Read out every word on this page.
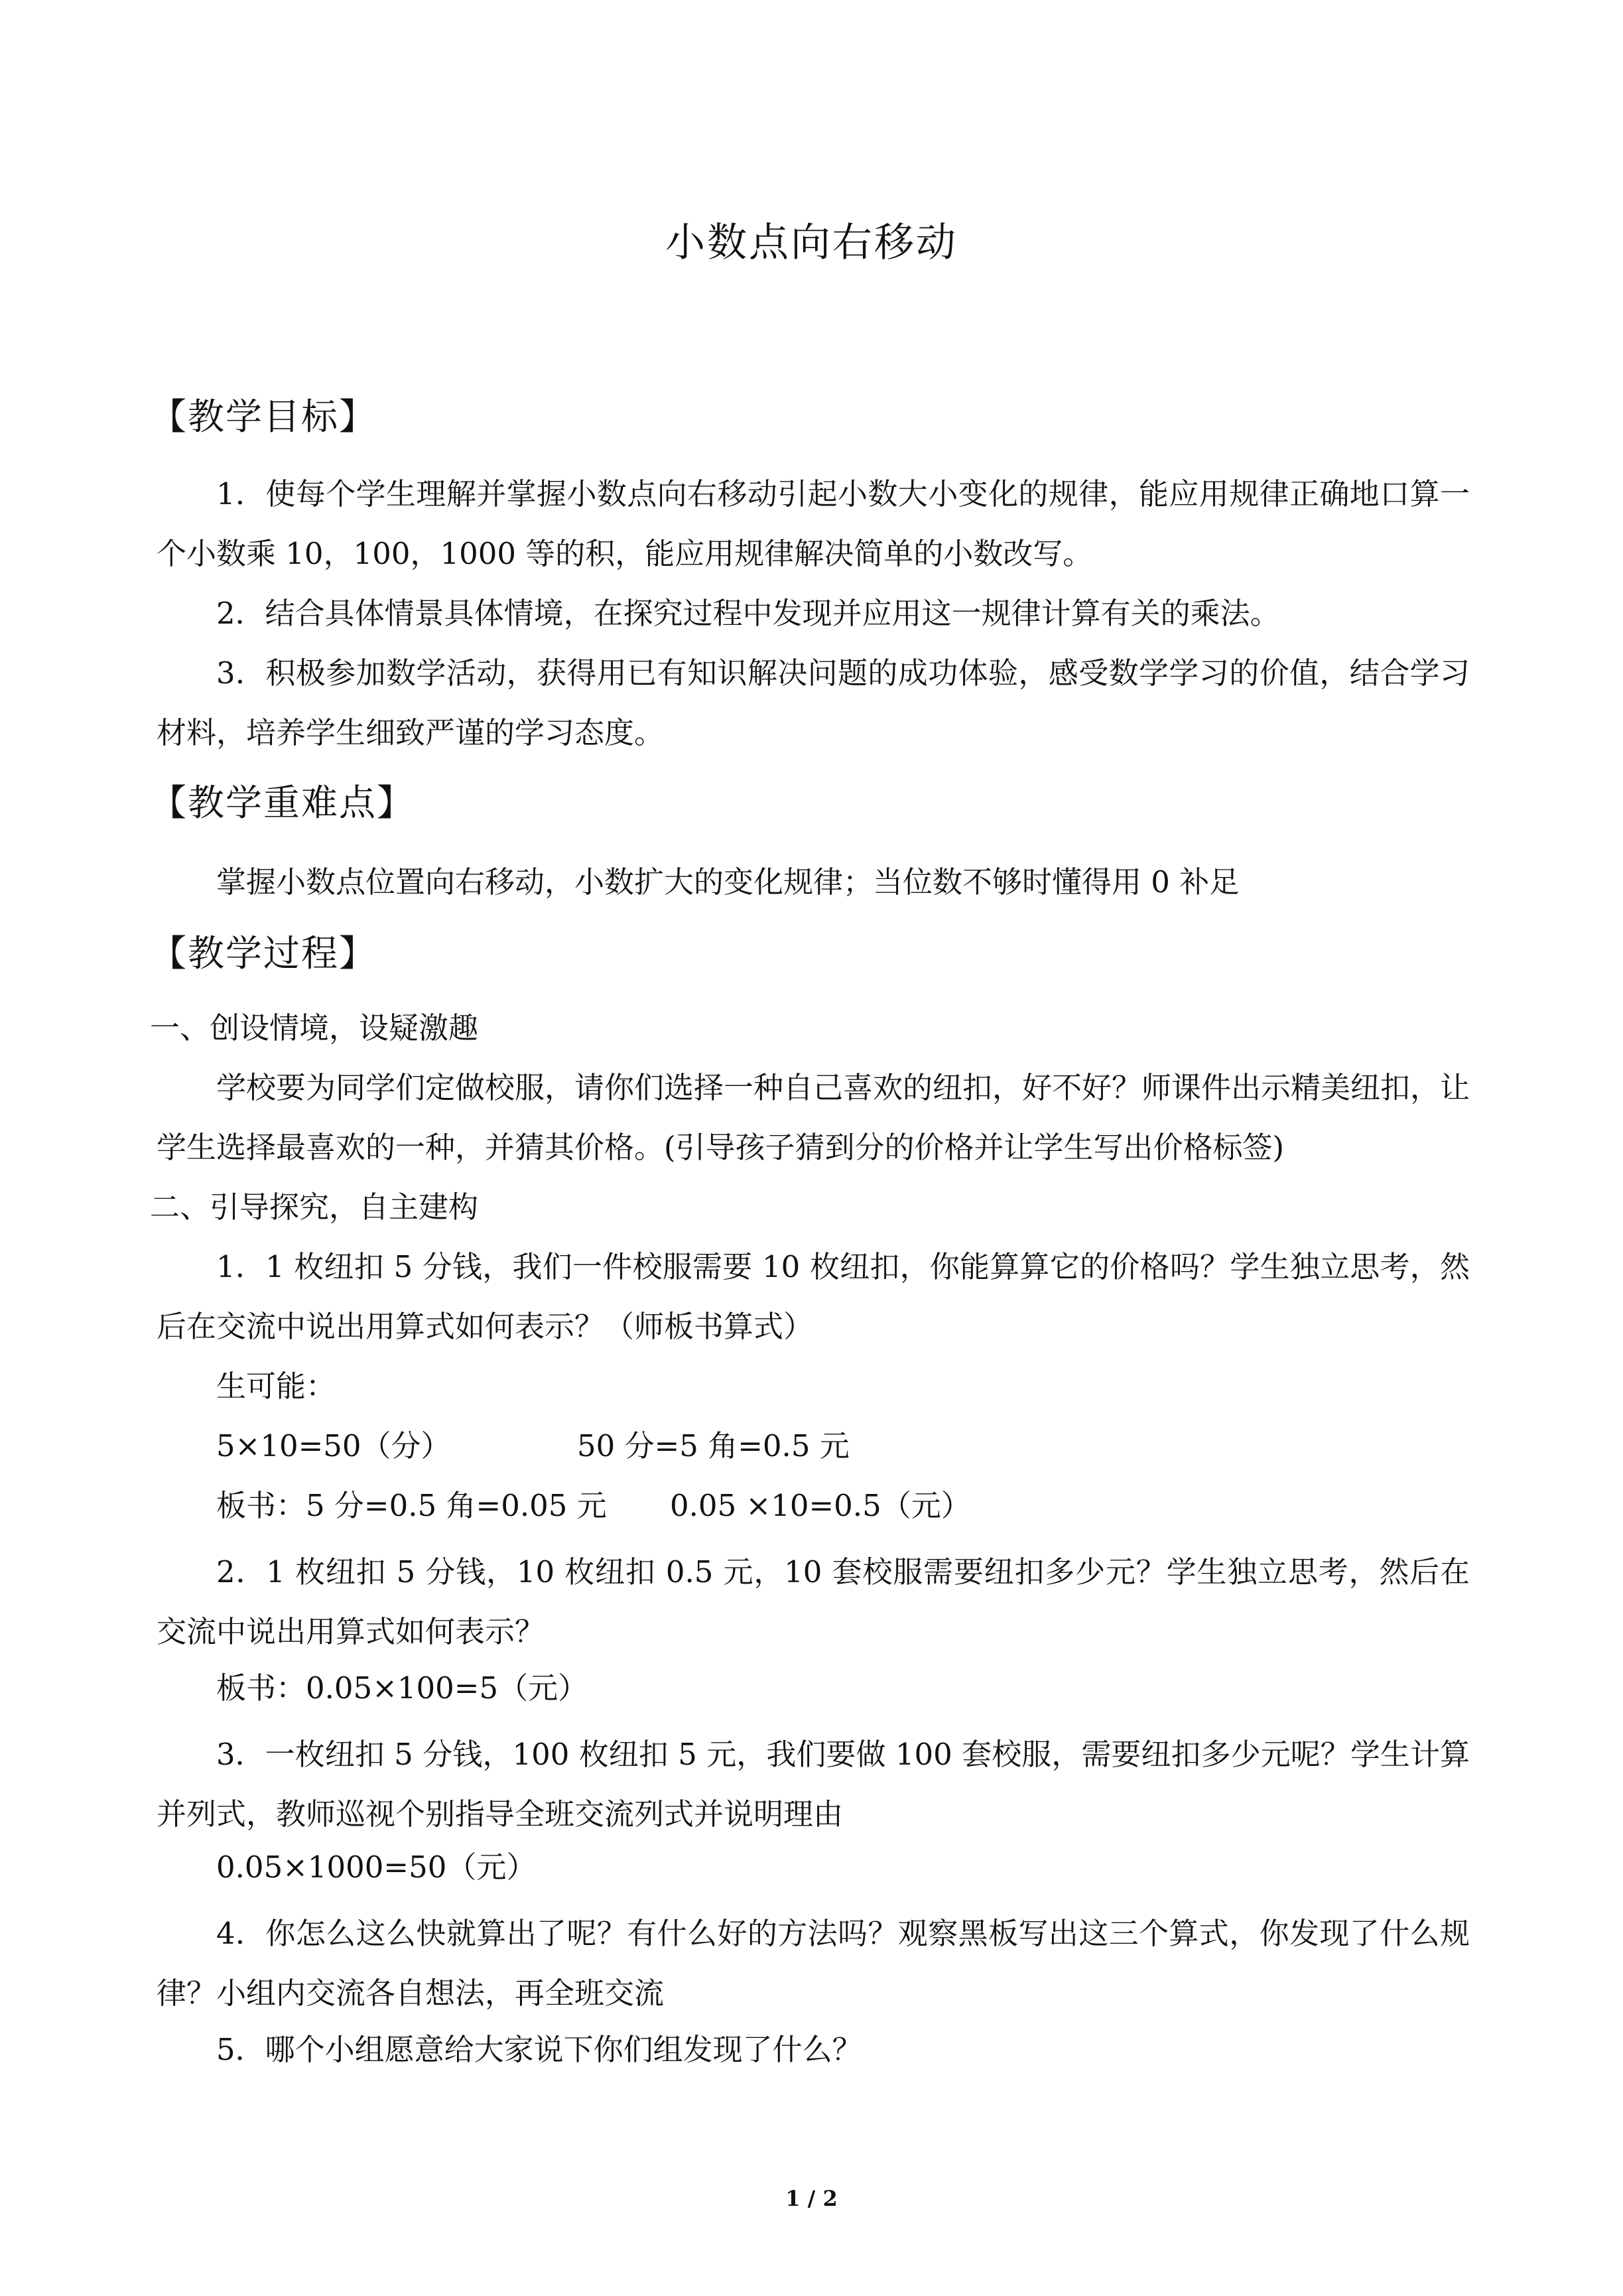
小数点向右移动
【教学目标】
1．使每个学生理解并掌握小数点向右移动引起小数大小变化的规律，能应用规律正确地口算一个小数乘 10，100，1000 等的积，能应用规律解决简单的小数改写。
2．结合具体情景具体情境，在探究过程中发现并应用这一规律计算有关的乘法。
3．积极参加数学活动，获得用已有知识解决问题的成功体验，感受数学学习的价值，结合学习材料，培养学生细致严谨的学习态度。
【教学重难点】
掌握小数点位置向右移动，小数扩大的变化规律；当位数不够时懂得用 0 补足
【教学过程】
一、创设情境，设疑激趣
学校要为同学们定做校服，请你们选择一种自己喜欢的纽扣，好不好？师课件出示精美纽扣，让学生选择最喜欢的一种，并猜其价格。(引导孩子猜到分的价格并让学生写出价格标签)
二、引导探究，自主建构
1．1 枚纽扣 5 分钱，我们一件校服需要 10 枚纽扣，你能算算它的价格吗？学生独立思考，然后在交流中说出用算式如何表示？（师板书算式）
生可能：
5×10=50（分）	50 分=5 角=0.5 元
板书：5 分=0.5 角=0.05 元 0.05 ×10=0.5（元）
2．1 枚纽扣 5 分钱，10 枚纽扣 0.5 元，10 套校服需要纽扣多少元？学生独立思考，然后在交流中说出用算式如何表示？
板书：0.05×100=5（元）
3．一枚纽扣 5 分钱，100 枚纽扣 5 元，我们要做 100 套校服，需要纽扣多少元呢？学生计算并列式，教师巡视个别指导全班交流列式并说明理由
0.05×1000=50（元）
4．你怎么这么快就算出了呢？有什么好的方法吗？观察黑板写出这三个算式，你发现了什么规律？小组内交流各自想法，再全班交流
5．哪个小组愿意给大家说下你们组发现了什么？
1 / 2
